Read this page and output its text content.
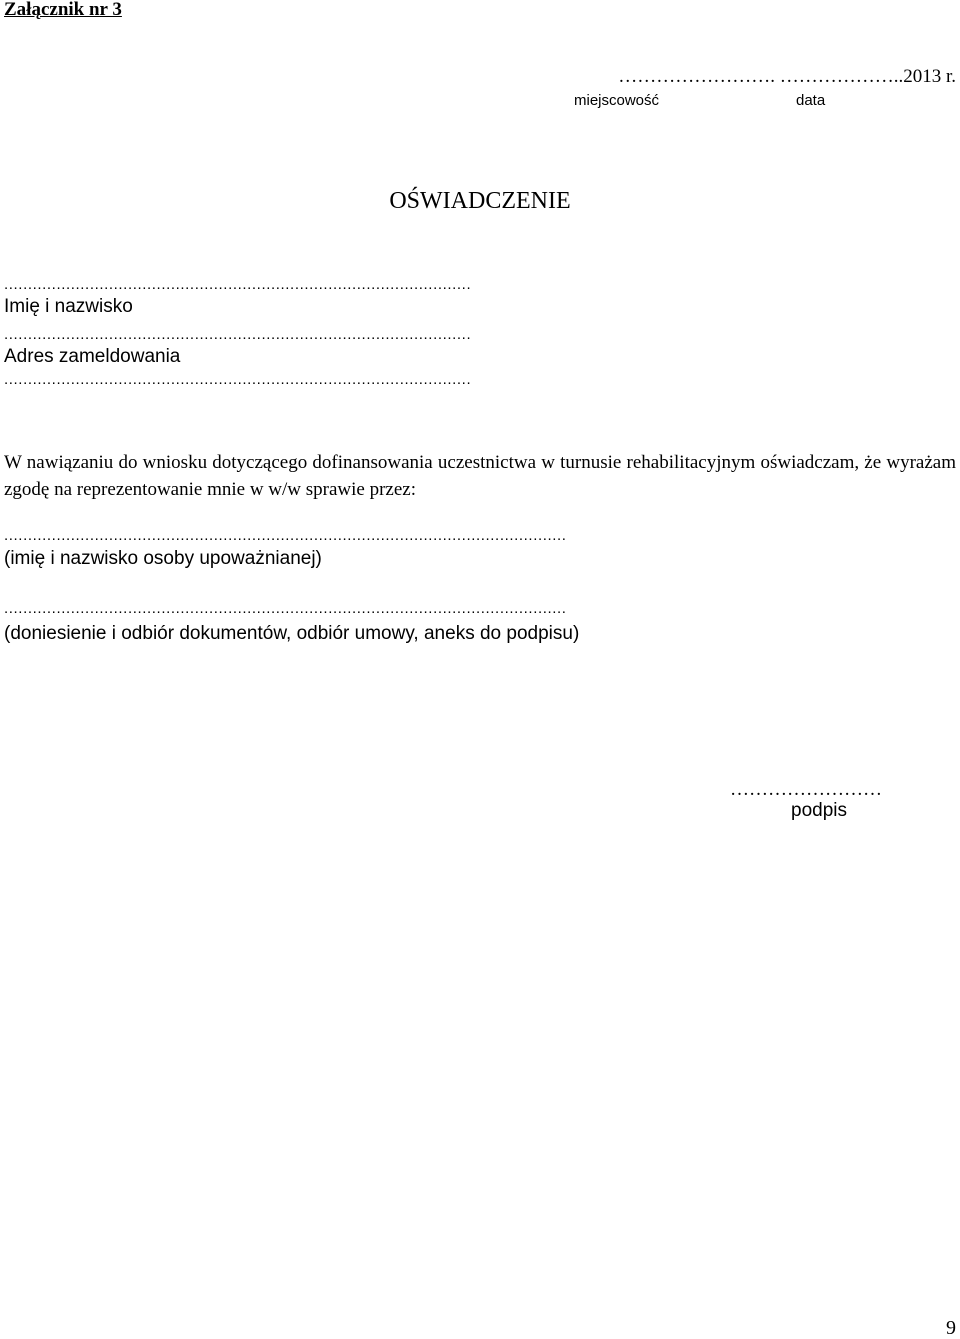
Załącznik nr 3
……………………. ………………..2013 r.
miejscowość	data
OŚWIADCZENIE
..................................................................................................
Imię i nazwisko
..................................................................................................
Adres zameldowania
..................................................................................................
W nawiązaniu do wniosku dotyczącego dofinansowania uczestnictwa w turnusie rehabilitacyjnym oświadczam, że wyrażam zgodę na reprezentowanie mnie w w/w sprawie przez:
......................................................................................................................
(imię i nazwisko osoby upoważnianej)
......................................................................................................................
(doniesienie i odbiór dokumentów, odbiór umowy, aneks do podpisu)
……………………
podpis
9
